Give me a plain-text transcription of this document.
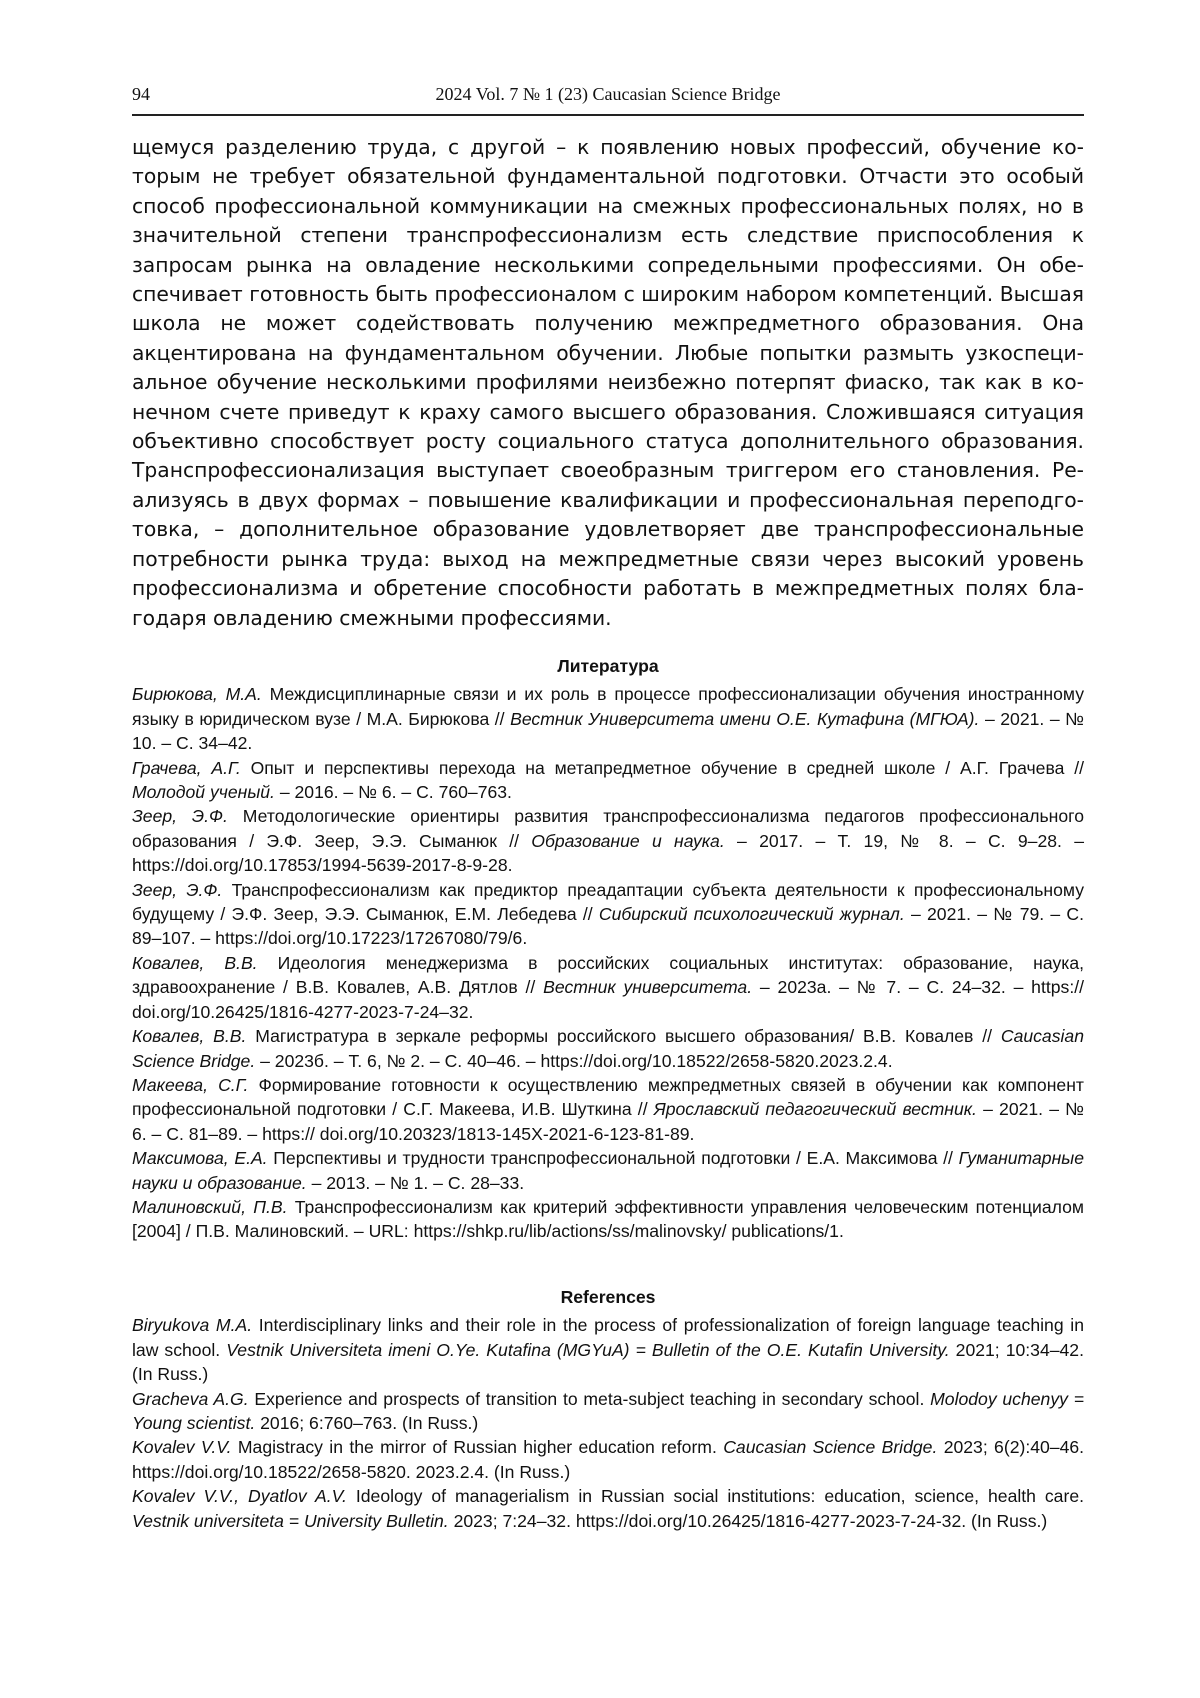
94	2024 Vol. 7 № 1 (23) Caucasian Science Bridge

щемуся разделению труда, с другой – к появлению новых профессий, обучение которым не требует обязательной фундаментальной подготовки. Отчасти это особый способ профессиональной коммуникации на смежных профессиональных полях, но в значительной степени транспрофессионализм есть следствие приспособления к запросам рынка на овладение несколькими сопредельными профессиями. Он обеспечивает готовность быть профессионалом с широким набором компетенций. Высшая школа не может содействовать получению межпредметного образования. Она акцентирована на фундаментальном обучении. Любые попытки размыть узкоспециальное обучение несколькими профилями неизбежно потерпят фиаско, так как в конечном счете приведут к краху самого высшего образования. Сложившаяся ситуация объективно способствует росту социального статуса дополнительного образования. Транспрофессионализация выступает своеобразным триггером его становления. Реализуясь в двух формах – повышение квалификации и профессиональная переподготовка, – дополнительное образование удовлетворяет две транспрофессиональные потребности рынка труда: выход на межпредметные связи через высокий уровень профессионализма и обретение способности работать в межпредметных полях благодаря овладению смежными профессиями.

Литература

Бирюкова, М.А. Междисциплинарные связи и их роль в процессе профессионализации обучения иностранному языку в юридическом вузе / М.А. Бирюкова // Вестник Университета имени О.Е. Кутафина (МГЮА). – 2021. – № 10. – С. 34–42.

Грачева, А.Г. Опыт и перспективы перехода на метапредметное обучение в средней школе / А.Г. Грачева // Молодой ученый. – 2016. – № 6. – С. 760–763.

Зеер, Э.Ф. Методологические ориентиры развития транспрофессионализма педагогов профессионального образования / Э.Ф. Зеер, Э.Э. Сыманюк // Образование и наука. – 2017. – Т. 19, № 8. – С. 9–28. – https://doi.org/10.17853/1994-5639-2017-8-9-28.

Зеер, Э.Ф. Транспрофессионализм как предиктор преадаптации субъекта деятельности к профессиональному будущему / Э.Ф. Зеер, Э.Э. Сыманюк, Е.М. Лебедева // Сибирский психологический журнал. – 2021. – № 79. – С. 89–107. – https://doi.org/10.17223/17267080/79/6.

Ковалев, В.В. Идеология менеджеризма в российских социальных институтах: образование, наука, здравоохранение / В.В. Ковалев, А.В. Дятлов // Вестник университета. – 2023а. – № 7. – С. 24–32. – https:// doi.org/10.26425/1816-4277-2023-7-24–32.

Ковалев, В.В. Магистратура в зеркале реформы российского высшего образования/ В.В. Ковалев // Caucasian Science Bridge. – 2023б. – Т. 6, № 2. – С. 40–46. – https://doi.org/10.18522/2658-5820.2023.2.4.

Макеева, С.Г. Формирование готовности к осуществлению межпредметных связей в обучении как компонент профессиональной подготовки / С.Г. Макеева, И.В. Шуткина // Ярославский педагогический вестник. – 2021. – № 6. – С. 81–89. – https:// doi.org/10.20323/1813-145X-2021-6-123-81-89.

Максимова, Е.А. Перспективы и трудности транспрофессиональной подготовки / Е.А. Максимова // Гуманитарные науки и образование. – 2013. – № 1. – С. 28–33.

Малиновский, П.В. Транспрофессионализм как критерий эффективности управления человеческим потенциалом [2004] / П.В. Малиновский. – URL: https://shkp.ru/lib/actions/ss/malinovsky/ publications/1.

References

Biryukova M.A. Interdisciplinary links and their role in the process of professionalization of foreign language teaching in law school. Vestnik Universiteta imeni O.Ye. Kutafina (MGYuA) = Bulletin of the O.E. Kutafin University. 2021; 10:34–42. (In Russ.)

Gracheva A.G. Experience and prospects of transition to meta-subject teaching in secondary school. Molodoy uchenyy = Young scientist. 2016; 6:760–763. (In Russ.)

Kovalev V.V. Magistracy in the mirror of Russian higher education reform. Caucasian Science Bridge. 2023; 6(2):40–46. https://doi.org/10.18522/2658-5820. 2023.2.4. (In Russ.)

Kovalev V.V., Dyatlov A.V. Ideology of managerialism in Russian social institutions: education, science, health care. Vestnik universiteta = University Bulletin. 2023; 7:24–32. https://doi.org/10.26425/1816-4277-2023-7-24-32. (In Russ.)
